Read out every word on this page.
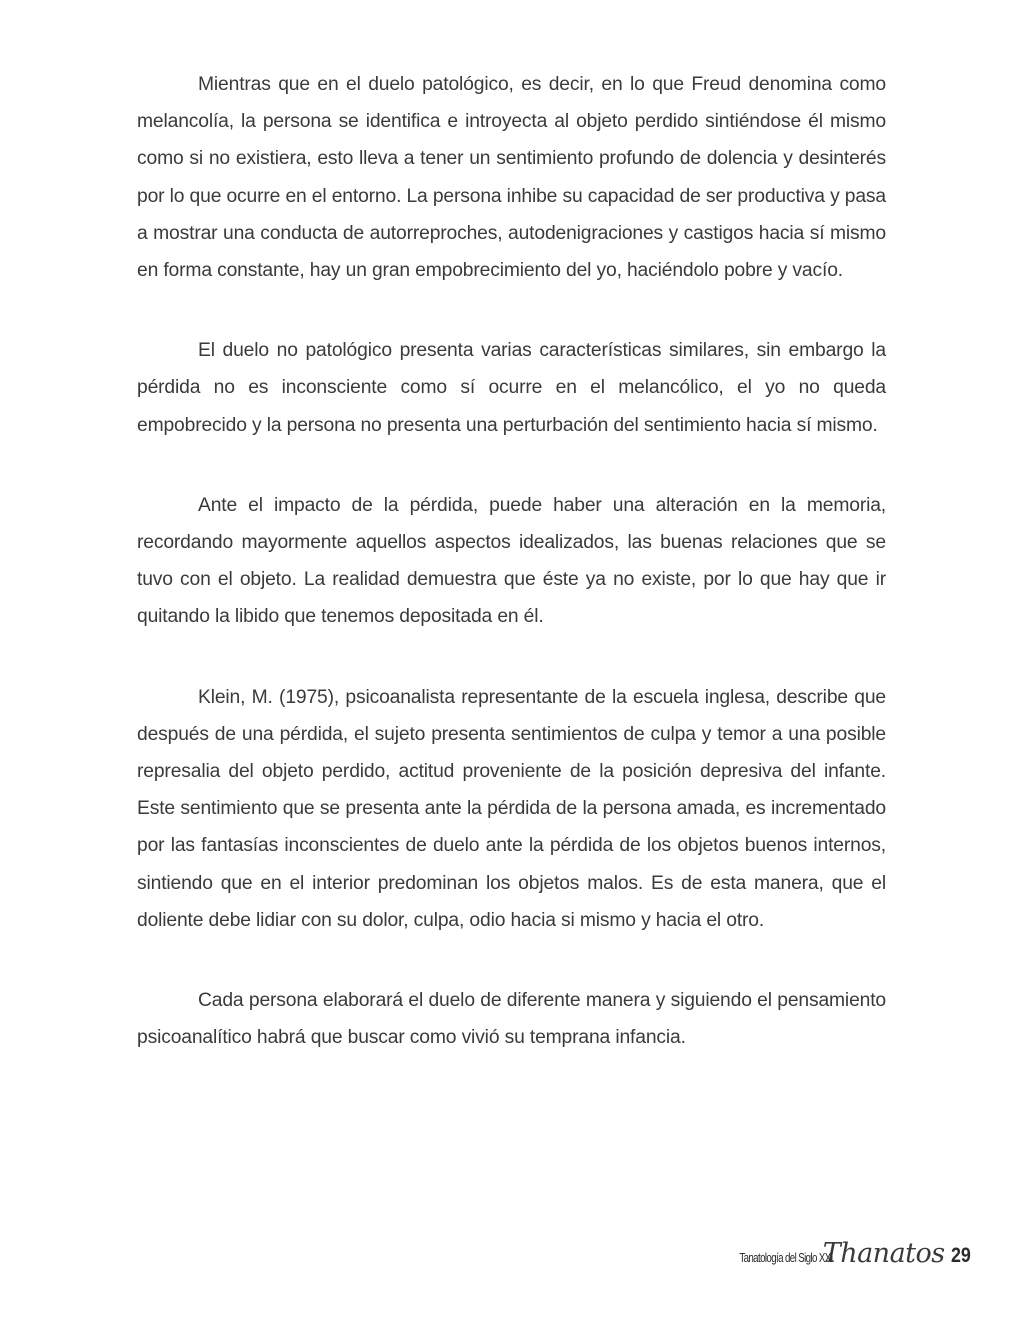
Mientras que en el duelo patológico, es decir, en lo que Freud denomina como melancolía, la persona se identifica e introyecta al objeto perdido sintiéndose él mismo como si no existiera, esto lleva a tener un sentimiento profundo de dolencia y desinterés por lo que ocurre en el entorno. La persona inhibe su capacidad de ser productiva y pasa a mostrar una conducta de autorreproches, autodenigraciones y castigos hacia sí mismo en forma constante, hay un gran empobrecimiento del yo, haciéndolo pobre y vacío.

El duelo no patológico presenta varias características similares, sin embargo la pérdida no es inconsciente como sí ocurre en el melancólico, el yo no queda empobrecido y la persona no presenta una perturbación del sentimiento hacia sí mismo.

Ante el impacto de la pérdida, puede haber una alteración en la memoria, recordando mayormente aquellos aspectos idealizados, las buenas relaciones que se tuvo con el objeto. La realidad demuestra que éste ya no existe, por lo que hay que ir quitando la libido que tenemos depositada en él.

Klein, M. (1975), psicoanalista representante de la escuela inglesa, describe que después de una pérdida, el sujeto presenta sentimientos de culpa y temor a una posible represalia del objeto perdido, actitud proveniente de la posición depresiva del infante. Este sentimiento que se presenta ante la pérdida de la persona amada, es incrementado por las fantasías inconscientes de duelo ante la pérdida de los objetos buenos internos, sintiendo que en el interior predominan los objetos malos. Es de esta manera, que el doliente debe lidiar con su dolor, culpa, odio hacia si mismo y hacia el otro.

Cada persona elaborará el duelo de diferente manera y siguiendo el pensamiento psicoanalítico habrá que buscar como vivió su temprana infancia.

Tanatología del Siglo XXI
Thanatos 29
